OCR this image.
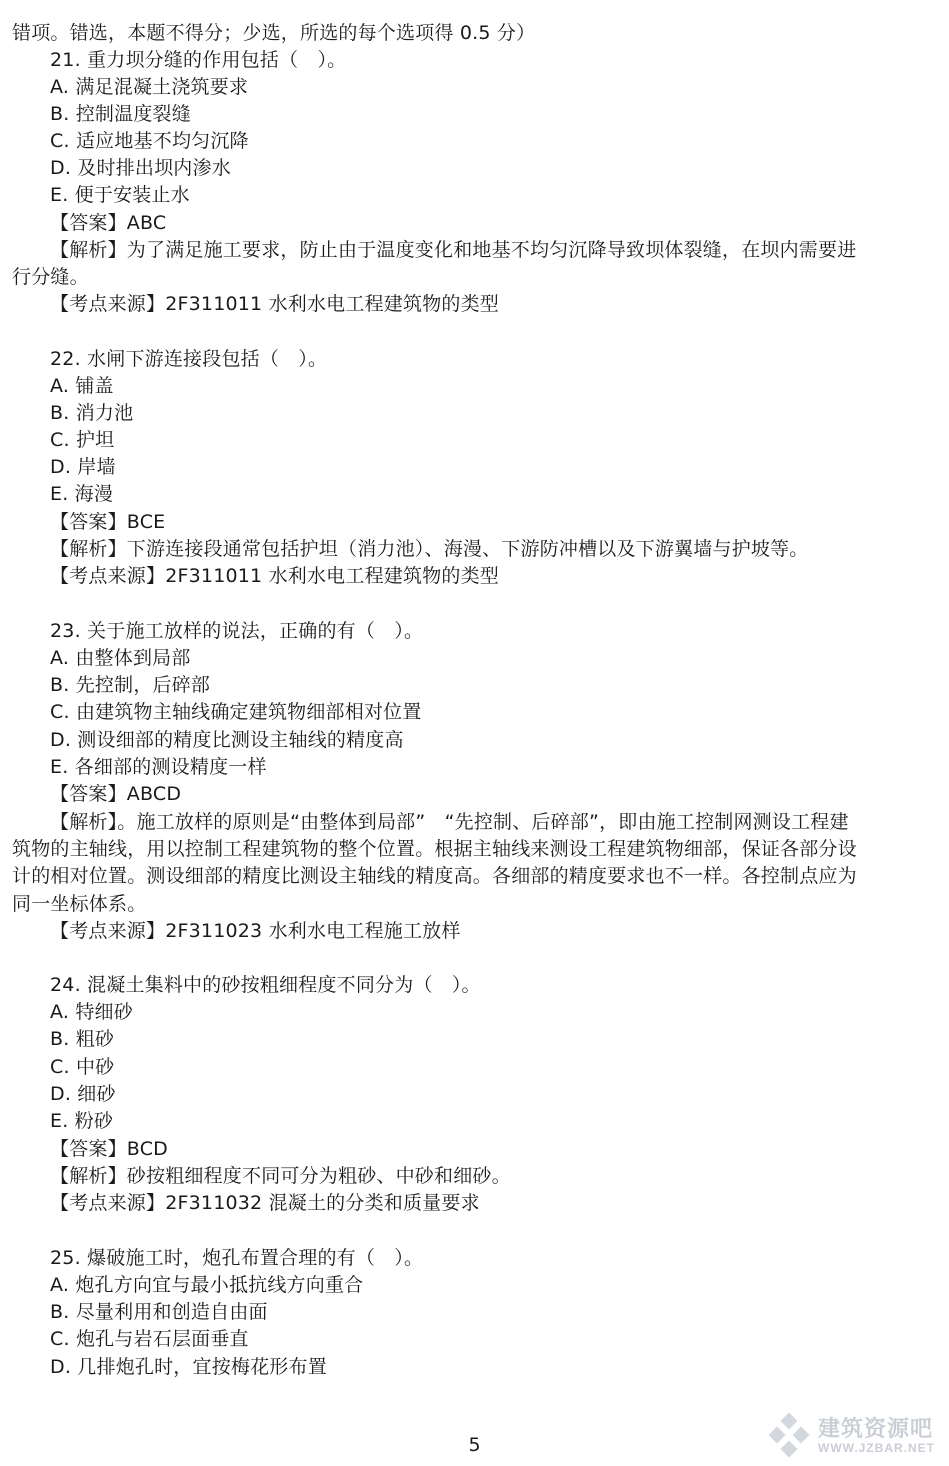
错项。错选，本题不得分；少选，所选的每个选项得 0.5 分）
21. 重力坝分缝的作用包括（　）。
A. 满足混凝土浇筑要求
B. 控制温度裂缝
C. 适应地基不均匀沉降
D. 及时排出坝内渗水
E. 便于安装止水
【答案】ABC
【解析】为了满足施工要求，防止由于温度变化和地基不均匀沉降导致坝体裂缝，在坝内需要进
行分缝。
【考点来源】2F311011 水利水电工程建筑物的类型
22. 水闸下游连接段包括（　）。
A. 铺盖
B. 消力池
C. 护坦
D. 岸墙
E. 海漫
【答案】BCE
【解析】下游连接段通常包括护坦（消力池）、海漫、下游防冲槽以及下游翼墙与护坡等。
【考点来源】2F311011 水利水电工程建筑物的类型
23. 关于施工放样的说法，正确的有（　）。
A. 由整体到局部
B. 先控制，后碎部
C. 由建筑物主轴线确定建筑物细部相对位置
D. 测设细部的精度比测设主轴线的精度高
E. 各细部的测设精度一样
【答案】ABCD
【解析】。施工放样的原则是“由整体到局部”　“先控制、后碎部”，即由施工控制网测设工程建
筑物的主轴线，用以控制工程建筑物的整个位置。根据主轴线来测设工程建筑物细部，保证各部分设
计的相对位置。测设细部的精度比测设主轴线的精度高。各细部的精度要求也不一样。各控制点应为
同一坐标体系。
【考点来源】2F311023 水利水电工程施工放样
24. 混凝土集料中的砂按粗细程度不同分为（　）。
A. 特细砂
B. 粗砂
C. 中砂
D. 细砂
E. 粉砂
【答案】BCD
【解析】砂按粗细程度不同可分为粗砂、中砂和细砂。
【考点来源】2F311032 混凝土的分类和质量要求
25. 爆破施工时，炮孔布置合理的有（　）。
A. 炮孔方向宜与最小抵抗线方向重合
B. 尽量利用和创造自由面
C. 炮孔与岩石层面垂直
D. 几排炮孔时，宜按梅花形布置
5
建筑资源吧
WWW.JZBAR.NET
